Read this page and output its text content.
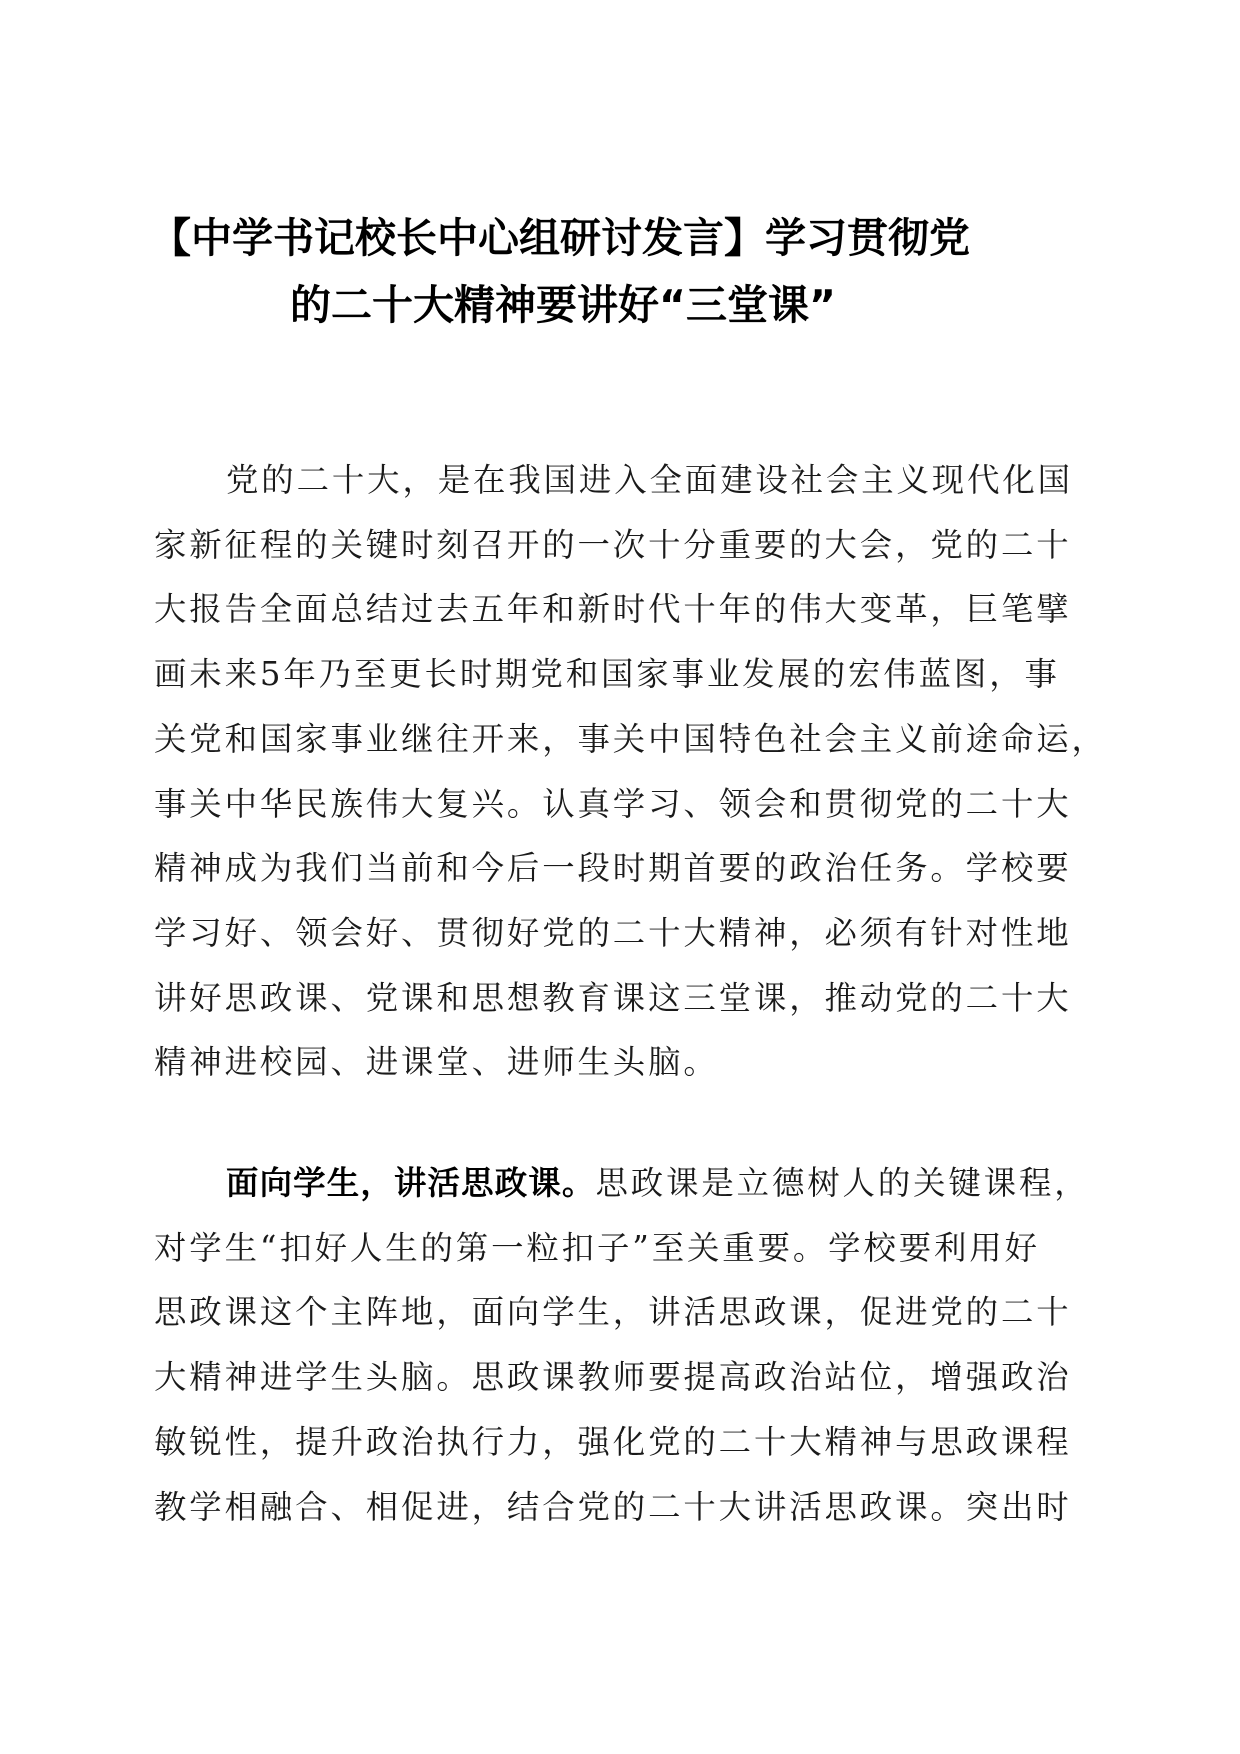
【中学书记校长中心组研讨发言】学习贯彻党
的二十大精神要讲好“三堂课”
党的二十大，是在我国进入全面建设社会主义现代化国
家新征程的关键时刻召开的一次十分重要的大会，党的二十
大报告全面总结过去五年和新时代十年的伟大变革，巨笔擘
画未来5年乃至更长时期党和国家事业发展的宏伟蓝图，事
关党和国家事业继往开来，事关中国特色社会主义前途命运，
事关中华民族伟大复兴。认真学习、领会和贯彻党的二十大
精神成为我们当前和今后一段时期首要的政治任务。学校要
学习好、领会好、贯彻好党的二十大精神，必须有针对性地
讲好思政课、党课和思想教育课这三堂课，推动党的二十大
精神进校园、进课堂、进师生头脑。
面向学生，讲活思政课。思政课是立德树人的关键课程，
对学生“扣好人生的第一粒扣子”至关重要。学校要利用好
思政课这个主阵地，面向学生，讲活思政课，促进党的二十
大精神进学生头脑。思政课教师要提高政治站位，增强政治
敏锐性，提升政治执行力，强化党的二十大精神与思政课程
教学相融合、相促进，结合党的二十大讲活思政课。突出时
